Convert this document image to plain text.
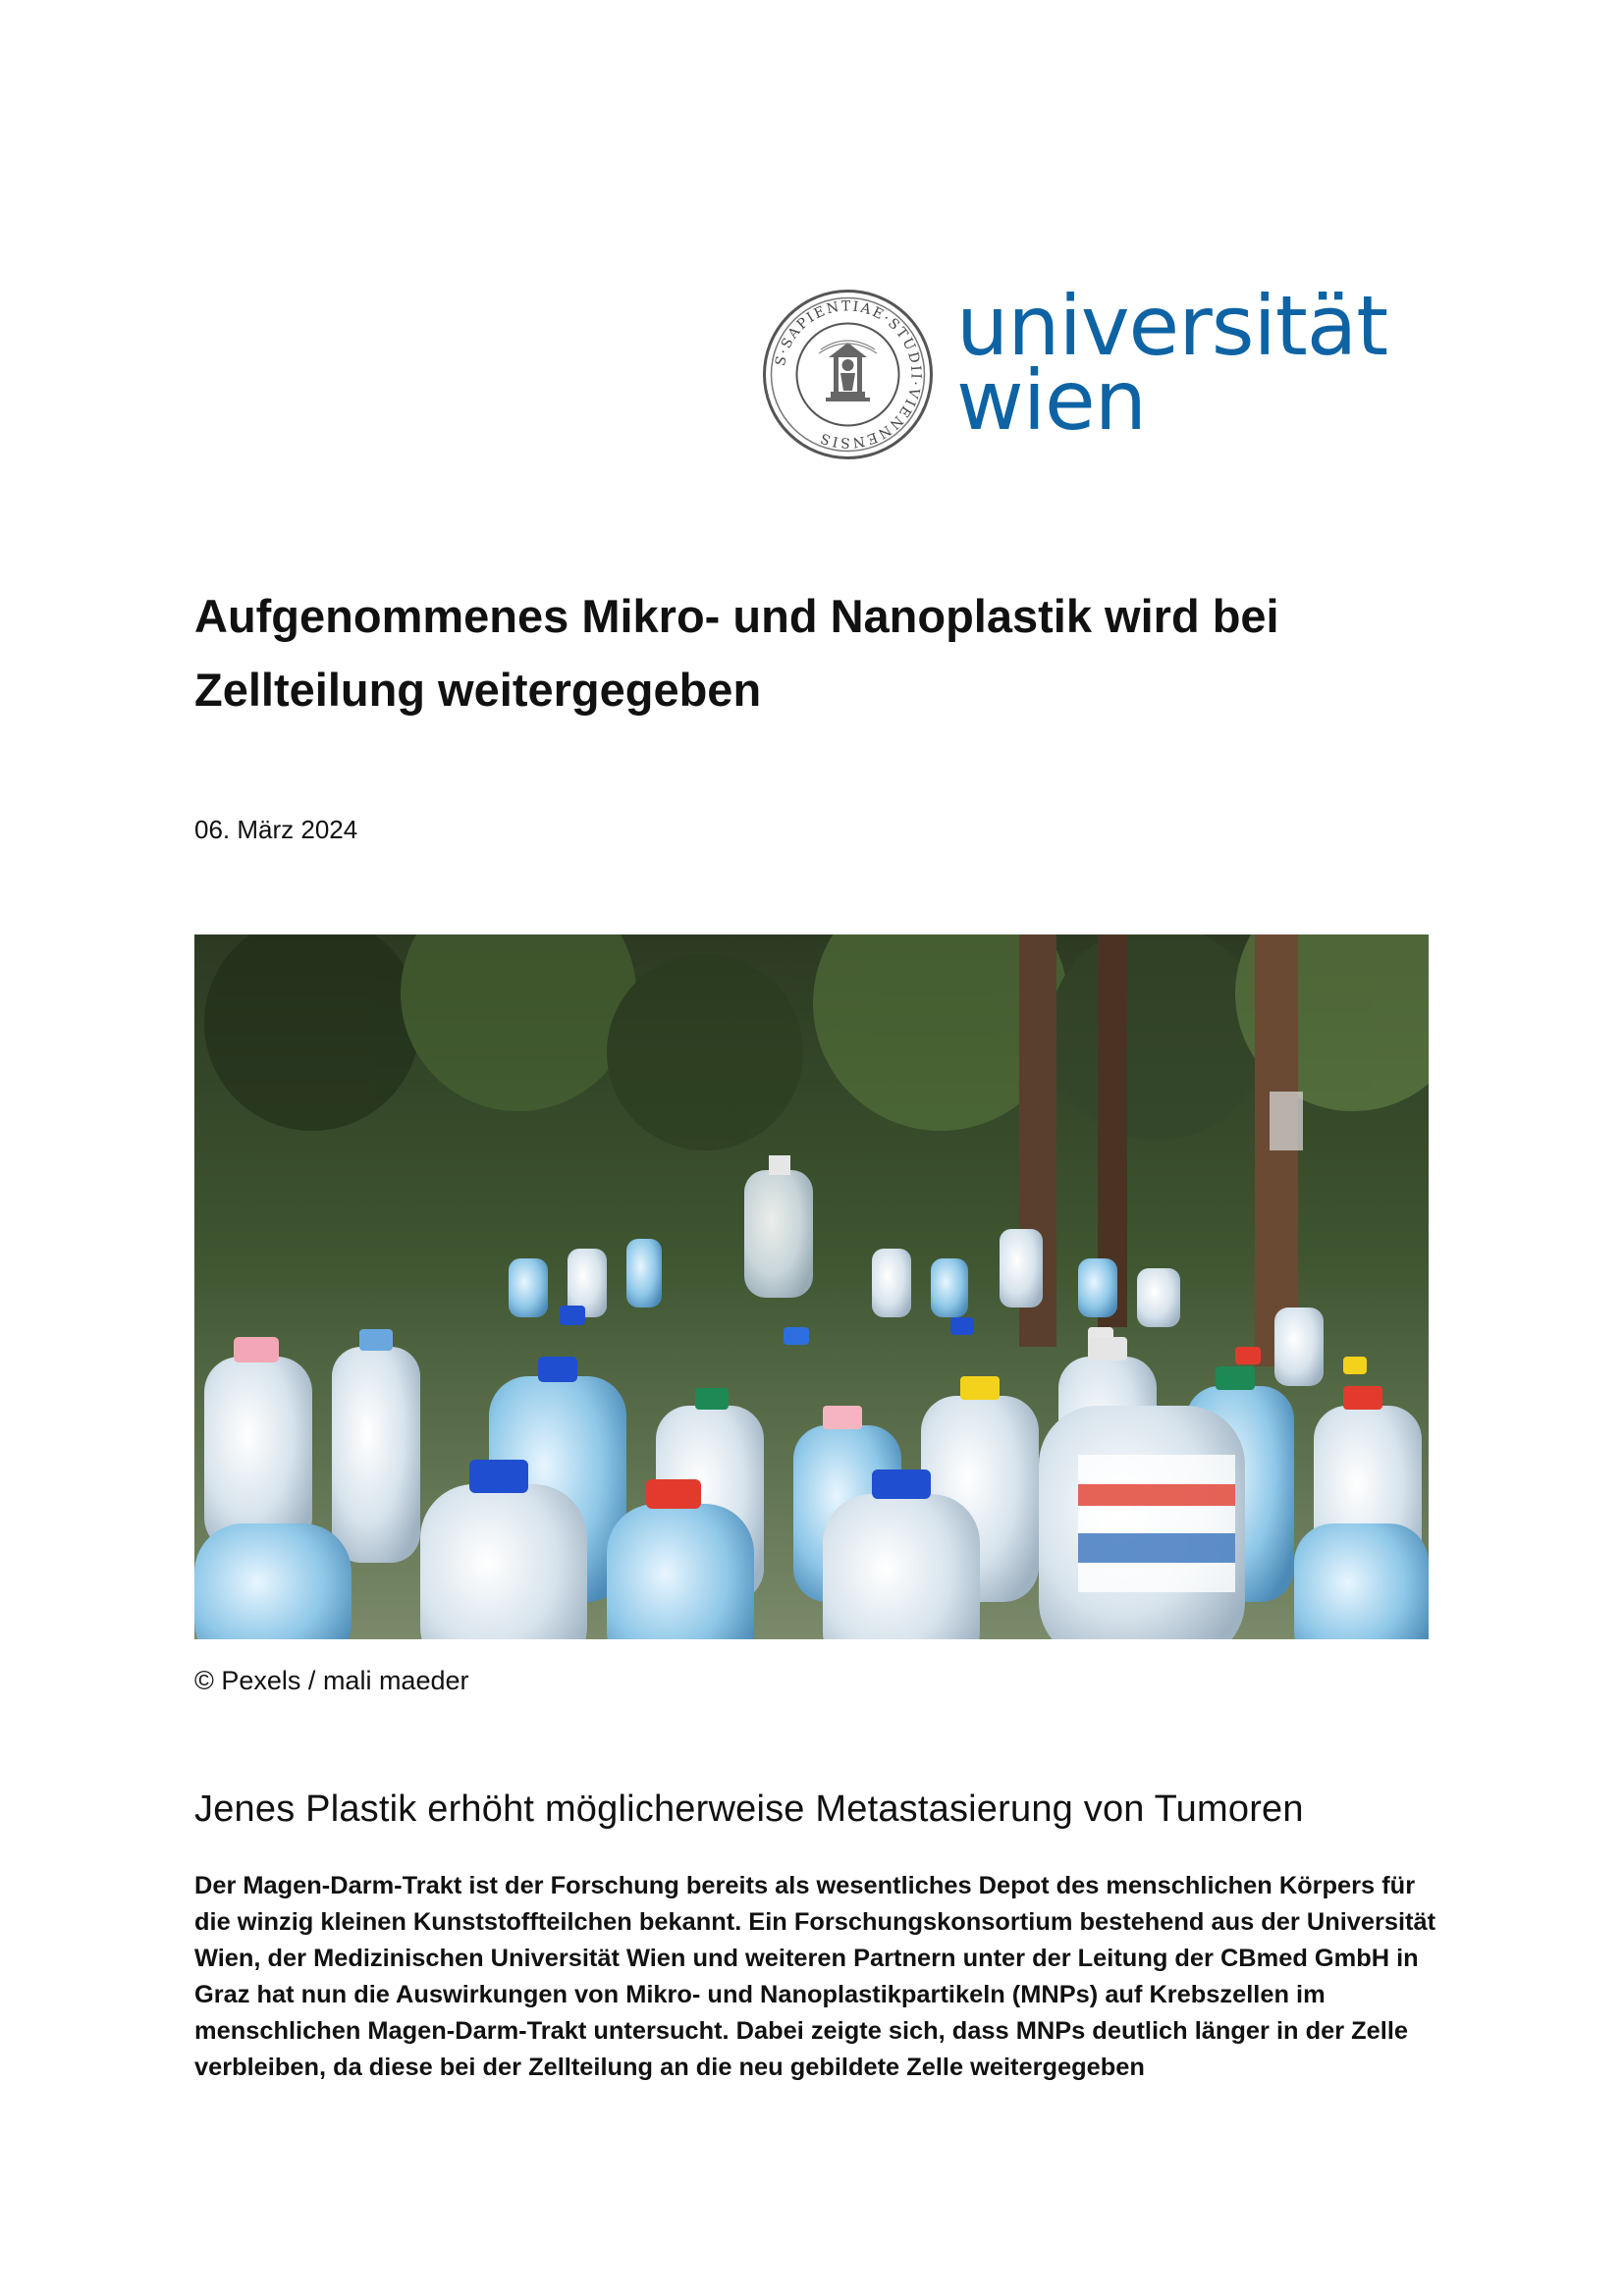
S·SAPIENTIAE·STUDII·VIENNENSIS
universität
wien
Aufgenommenes Mikro- und Nanoplastik wird bei Zellteilung weitergegeben
06. März 2024
© Pexels / mali maeder
Jenes Plastik erhöht möglicherweise Metastasierung von Tumoren

Der Magen-Darm-Trakt ist der Forschung bereits als wesentliches Depot des menschlichen Körpers für die winzig kleinen Kunststoffteilchen bekannt. Ein Forschungskonsortium bestehend aus der Universität Wien, der Medizinischen Universität Wien und weiteren Partnern unter der Leitung der CBmed GmbH in Graz hat nun die Auswirkungen von Mikro- und Nanoplastikpartikeln (MNPs) auf Krebszellen im menschlichen Magen-Darm-Trakt untersucht. Dabei zeigte sich, dass MNPs deutlich länger in der Zelle verbleiben, da diese bei der Zellteilung an die neu gebildete Zelle weitergegeben
